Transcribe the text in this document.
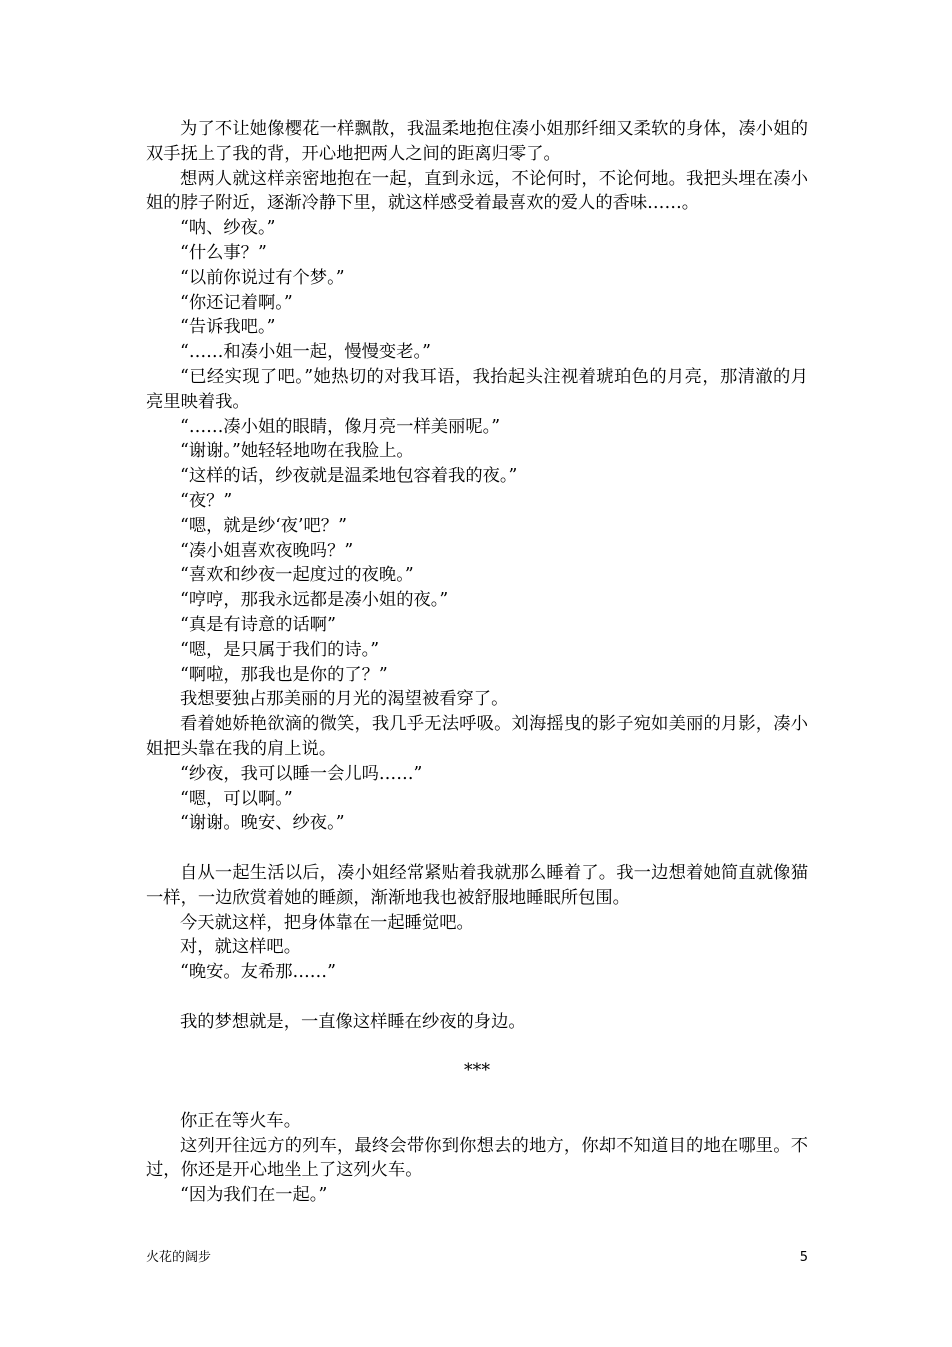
为了不让她像樱花一样飘散，我温柔地抱住凑小姐那纤细又柔软的身体，凑小姐的双手抚上了我的背，开心地把两人之间的距离归零了。

想两人就这样亲密地抱在一起，直到永远，不论何时，不论何地。我把头埋在凑小姐的脖子附近，逐渐冷静下里，就这样感受着最喜欢的爱人的香味……。

“呐、纱夜。”

“什么事？”

“以前你说过有个梦。”

“你还记着啊。”

“告诉我吧。”

“……和凑小姐一起，慢慢变老。”

“已经实现了吧。”她热切的对我耳语，我抬起头注视着琥珀色的月亮，那清澈的月亮里映着我。

“……凑小姐的眼睛，像月亮一样美丽呢。”

“谢谢。”她轻轻地吻在我脸上。

“这样的话，纱夜就是温柔地包容着我的夜。”

“夜？”

“嗯，就是纱‘夜’吧？”

“凑小姐喜欢夜晚吗？”

“喜欢和纱夜一起度过的夜晚。”

“哼哼，那我永远都是凑小姐的夜。”

“真是有诗意的话啊”

“嗯，是只属于我们的诗。”

“啊啦，那我也是你的了？”

我想要独占那美丽的月光的渴望被看穿了。

看着她娇艳欲滴的微笑，我几乎无法呼吸。刘海摇曳的影子宛如美丽的月影，凑小姐把头靠在我的肩上说。

“纱夜，我可以睡一会儿吗……”

“嗯，可以啊。”

“谢谢。晚安、纱夜。”

自从一起生活以后，凑小姐经常紧贴着我就那么睡着了。我一边想着她简直就像猫一样，一边欣赏着她的睡颜，渐渐地我也被舒服地睡眠所包围。

今天就这样，把身体靠在一起睡觉吧。

对，就这样吧。

“晚安。友希那……”

我的梦想就是，一直像这样睡在纱夜的身边。

***

你正在等火车。

这列开往远方的列车，最终会带你到你想去的地方，你却不知道目的地在哪里。不过，你还是开心地坐上了这列火车。

“因为我们在一起。”

火花的阔步	5
